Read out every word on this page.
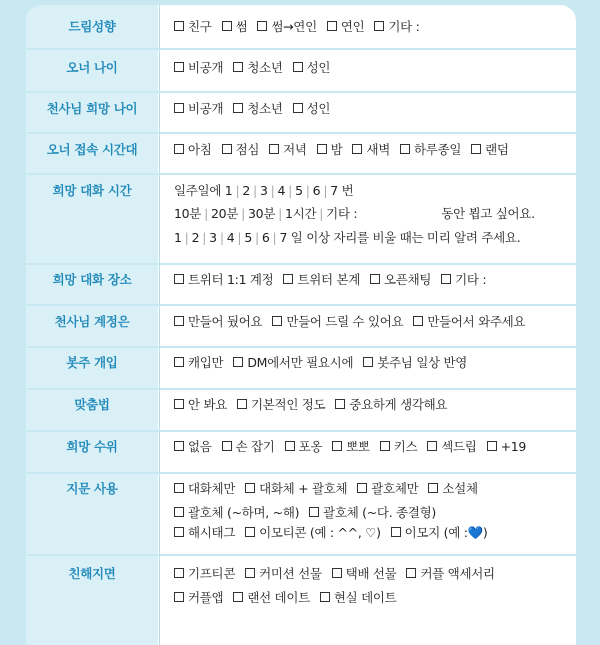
드림성향	친구 썸 썸→연인 연인 기타 :
오너 나이	비공개 청소년 성인
천사님 희망 나이	비공개 청소년 성인
오너 접속 시간대	아침 점심 저녁 밤 새벽 하루종일 랜덤
희망 대화 시간	일주일에 1 | 2 | 3 | 4 | 5 | 6 | 7 번
10분 | 20분 | 30분 | 1시간 | 기타 :	동안 뵙고 싶어요.
1 | 2 | 3 | 4 | 5 | 6 | 7 일 이상 자리를 비울 때는 미리 알려 주세요.
희망 대화 장소	트위터 1:1 계정 트위터 본계 오픈채팅 기타 :
천사님 계정은	만들어 뒀어요 만들어 드릴 수 있어요 만들어서 와주세요
봇주 개입	캐입만 DM에서만 필요시에 봇주님 일상 반영
맞춤법	안 봐요 기본적인 정도 중요하게 생각해요
희망 수위	없음 손 잡기 포옹 뽀뽀 키스 섹드립 +19
지문 사용	대화체만 대화체 + 괄호체 괄호체만 소설체
괄호체 (~하며, ~해) 괄호체 (~다. 종결형)
해시태그 이모티콘 (예 : ^^, ♡) 이모지 (예 :💙)
친해지면	기프티콘 커미션 선물 택배 선물 커플 액세서리
커플앱 랜선 데이트 현실 데이트
